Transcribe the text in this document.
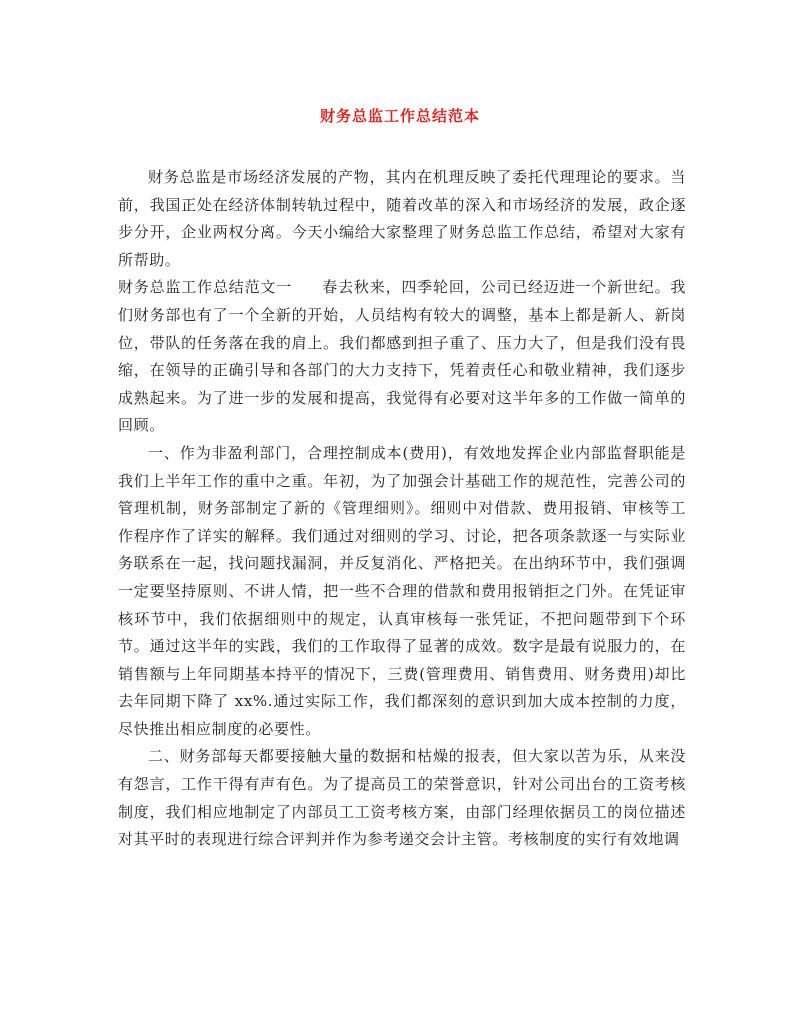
财务总监工作总结范本

财务总监是市场经济发展的产物，其内在机理反映了委托代理理论的要求。当前，我国正处在经济体制转轨过程中，随着改革的深入和市场经济的发展，政企逐步分开，企业两权分离。今天小编给大家整理了财务总监工作总结，希望对大家有所帮助。

财务总监工作总结范文一 春去秋来，四季轮回，公司已经迈进一个新世纪。我们财务部也有了一个全新的开始，人员结构有较大的调整，基本上都是新人、新岗位，带队的任务落在我的肩上。我们都感到担子重了、压力大了，但是我们没有畏缩，在领导的正确引导和各部门的大力支持下，凭着责任心和敬业精神，我们逐步成熟起来。为了进一步的发展和提高，我觉得有必要对这半年多的工作做一简单的回顾。

一、作为非盈利部门，合理控制成本(费用)，有效地发挥企业内部监督职能是我们上半年工作的重中之重。年初，为了加强会计基础工作的规范性，完善公司的管理机制，财务部制定了新的《管理细则》。细则中对借款、费用报销、审核等工作程序作了详实的解释。我们通过对细则的学习、讨论，把各项条款逐一与实际业务联系在一起，找问题找漏洞，并反复消化、严格把关。在出纳环节中，我们强调一定要坚持原则、不讲人情，把一些不合理的借款和费用报销拒之门外。在凭证审核环节中，我们依据细则中的规定，认真审核每一张凭证，不把问题带到下个环节。通过这半年的实践，我们的工作取得了显著的成效。数字是最有说服力的，在销售额与上年同期基本持平的情况下，三费(管理费用、销售费用、财务费用)却比去年同期下降了 xx%.通过实际工作，我们都深刻的意识到加大成本控制的力度，尽快推出相应制度的必要性。

二、财务部每天都要接触大量的数据和枯燥的报表，但大家以苦为乐，从来没有怨言，工作干得有声有色。为了提高员工的荣誉意识，针对公司出台的工资考核制度，我们相应地制定了内部员工工资考核方案，由部门经理依据员工的岗位描述对其平时的表现进行综合评判并作为参考递交会计主管。考核制度的实行有效地调
